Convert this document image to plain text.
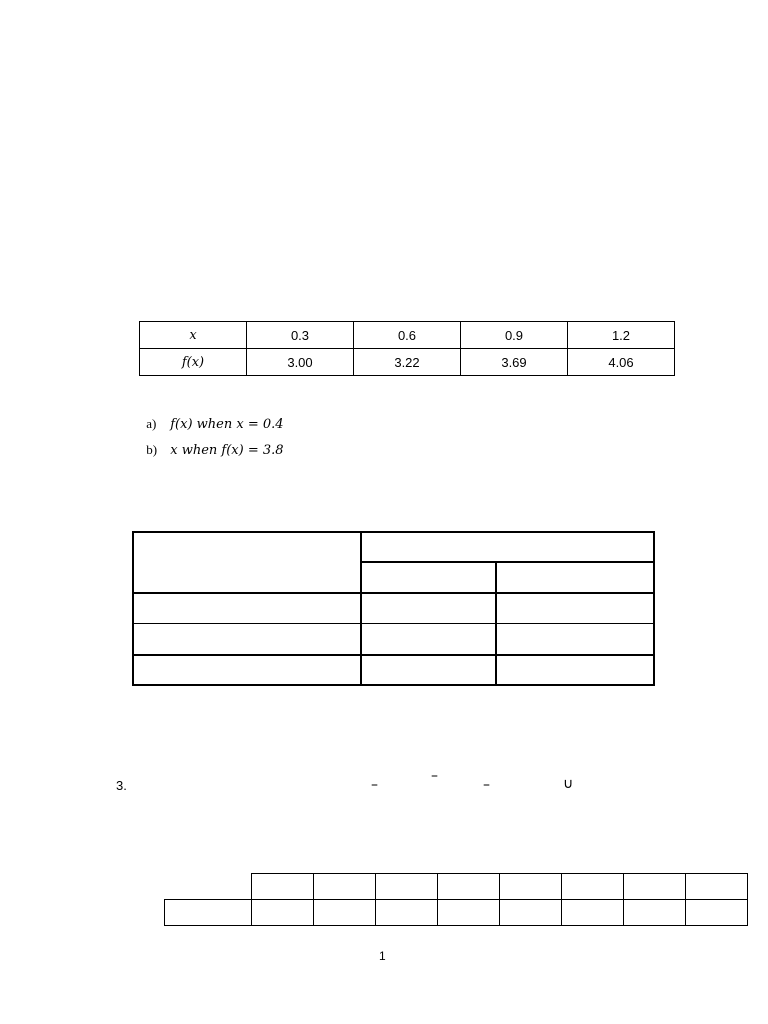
x	0.3	0.6	0.9	1.2
f(x)	3.00	3.22	3.69	4.06

a) f(x) when x = 0.4

b) x when f(x) = 3.8

3.	–
–
–	∪

1
